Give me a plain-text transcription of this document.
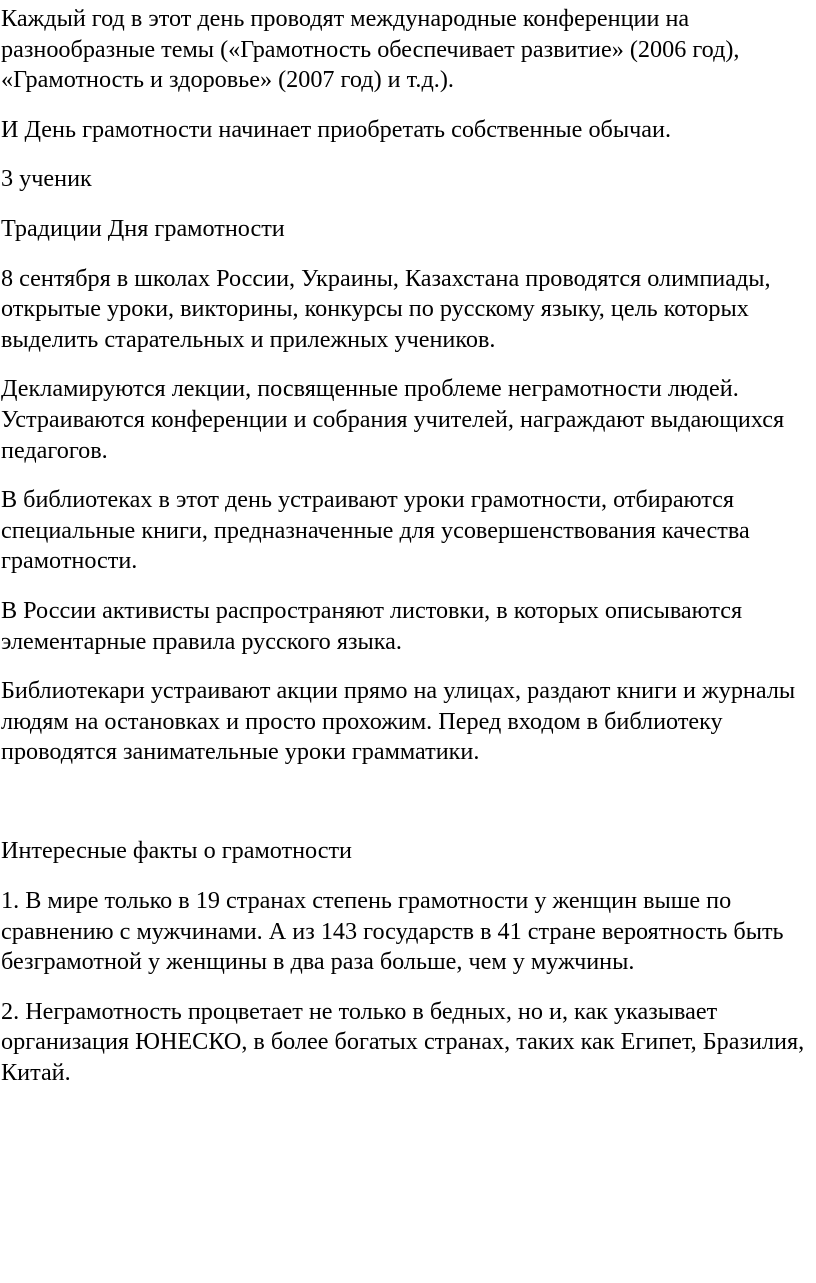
Каждый год в этот день проводят международные конференции на разнообразные темы («Грамотность обеспечивает развитие» (2006 год), «Грамотность и здоровье» (2007 год) и т.д.).

И День грамотности начинает приобретать собственные обычаи.

3 ученик

Традиции Дня грамотности

8 сентября в школах России, Украины, Казахстана проводятся олимпиады, открытые уроки, викторины, конкурсы по русскому языку, цель которых выделить старательных и прилежных учеников.

Декламируются лекции, посвященные проблеме неграмотности людей. Устраиваются конференции и собрания учителей, награждают выдающихся педагогов.

В библиотеках в этот день устраивают уроки грамотности, отбираются специальные книги, предназначенные для усовершенствования качества грамотности.

В России активисты распространяют листовки, в которых описываются элементарные правила русского языка.

Библиотекари устраивают акции прямо на улицах, раздают книги и журналы людям на остановках и просто прохожим. Перед входом в библиотеку проводятся занимательные уроки грамматики.

Интересные факты о грамотности

1. В мире только в 19 странах степень грамотности у женщин выше по сравнению с мужчинами. А из 143 государств в 41 стране вероятность быть безграмотной у женщины в два раза больше, чем у мужчины.

2. Неграмотность процветает не только в бедных, но и, как указывает организация ЮНЕСКО, в более богатых странах, таких как Египет, Бразилия, Китай.
